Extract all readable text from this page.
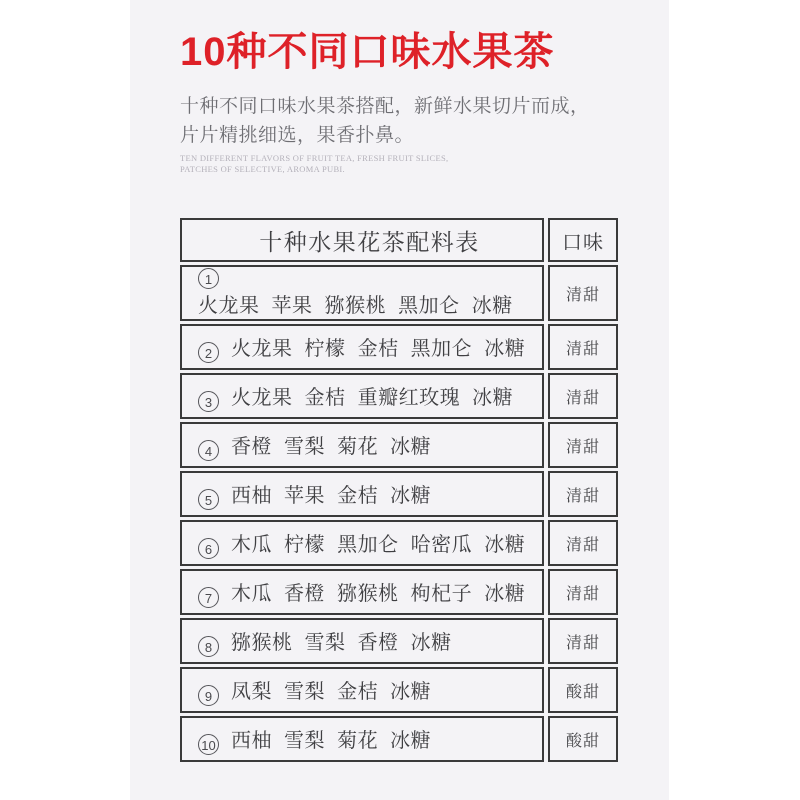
10种不同口味水果茶
十种不同口味水果茶搭配，新鲜水果切片而成，
片片精挑细选，果香扑鼻。
TEN DIFFERENT FLAVORS OF FRUIT TEA, FRESH FRUIT SLICES,
PATCHES OF SELECTIVE, AROMA PUBI.
十种水果花茶配料表	口味
1火龙果 苹果 猕猴桃 黑加仑 冰糖	清甜
2 火龙果 柠檬 金桔 黑加仑 冰糖	清甜
3 火龙果 金桔 重瓣红玫瑰 冰糖	清甜
4 香橙 雪梨 菊花 冰糖	清甜
5 西柚 苹果 金桔 冰糖	清甜
6 木瓜 柠檬 黑加仑 哈密瓜 冰糖	清甜
7 木瓜 香橙 猕猴桃 枸杞子 冰糖	清甜
8 猕猴桃 雪梨 香橙 冰糖	清甜
9 凤梨 雪梨 金桔 冰糖	酸甜
10 西柚 雪梨 菊花 冰糖	酸甜
